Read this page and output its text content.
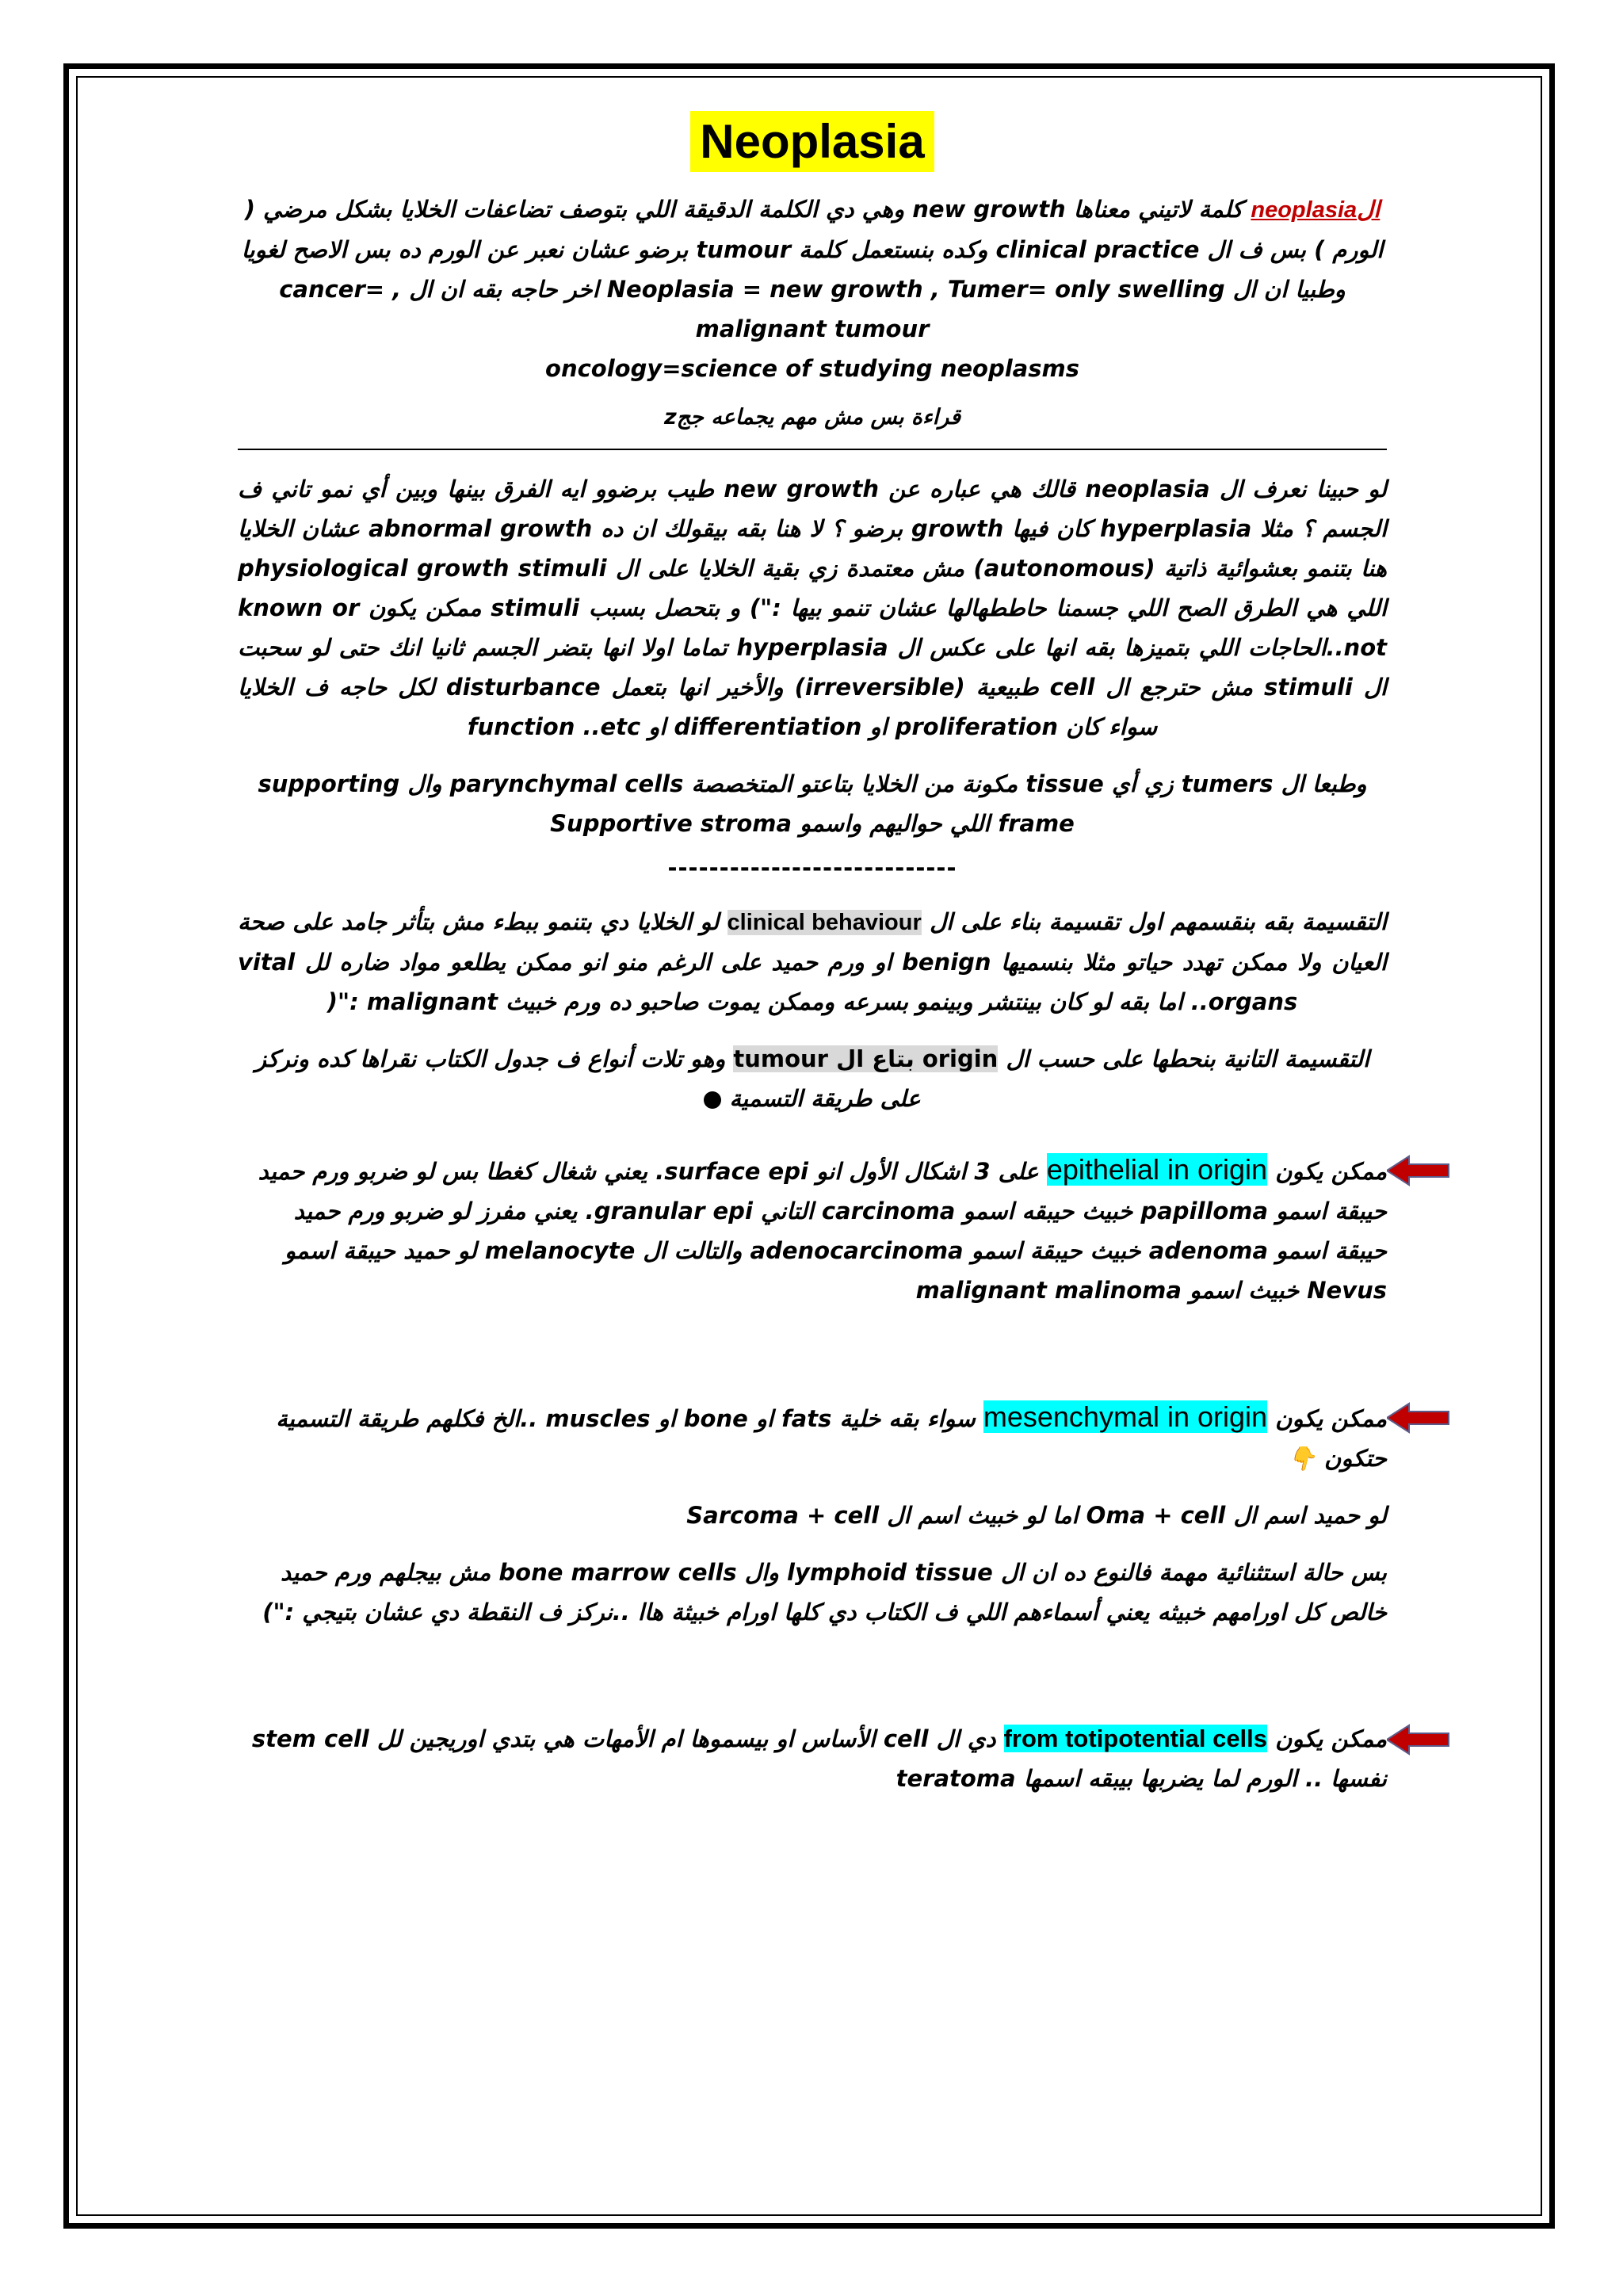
Neoplasia

الneoplasia كلمة لاتيني معناها new growth وهي دي الكلمة الدقيقة اللي بتوصف تضاعفات الخلايا بشكل مرضي ( الورم ) بس ف ال clinical practice وكده بنستعمل كلمة tumour برضو عشان نعبر عن الورم ده بس الاصح لغويا وطبيا ان ال Neoplasia = new growth , Tumer= only swelling اخر حاجه بقه ان ال , cancer= malignant tumour

oncology=science of studying neoplasms

قراءة بس مش مهم يجماعه ججz

لو حبينا نعرف ال neoplasia قالك هي عباره عن new growth طيب برضوو ايه الفرق بينها وبين أي نمو تاني ف الجسم ؟ مثلا hyperplasia كان فيها growth برضو ؟ لا هنا بقه بيقولك ان ده abnormal growth عشان الخلايا هنا بتنمو بعشوائية ذاتية (autonomous) مش معتمدة زي بقية الخلايا على ال physiological growth stimuli اللي هي الطرق الصح اللي جسمنا حاططهالها عشان تنمو بيها :") و بتحصل بسبب stimuli ممكن يكون known or not..الحاجات اللي بتميزها بقه انها على عكس ال hyperplasia تماما اولا انها بتضر الجسم ثانيا انك حتى لو سحبت ال stimuli مش حترجع ال cell طبيعية (irreversible) والأخير انها بتعمل disturbance لكل حاجه ف الخلايا سواء كان proliferation او differentiation او function ..etc

وطبعا ال tumers زي أي tissue مكونة من الخلايا بتاعتو المتخصصة parynchymal cells وال supporting frame اللي حواليهم واسمو Supportive stroma

----------------------------

التقسيمة بقه بنقسمهم اول تقسيمة بناء على ال clinical behaviour لو الخلايا دي بتنمو ببطء مش بتأثر جامد على صحة العيان ولا ممكن تهدد حياتو مثلا بنسميها benign او ورم حميد على الرغم منو انو ممكن يطلعو مواد ضاره لل vital organs.. اما بقه لو كان بينتشر وبينمو بسرعه وممكن يموت صاحبو ده ورم خبيث malignant :"(

التقسيمة التانية بنحطها على حسب ال origin بتاع ال tumour وهو تلات أنواع ف جدول الكتاب نقراها كده ونركز على طريقة التسمية

ممكن يكون epithelial in origin على 3 اشكال الأول انو surface epi. يعني شغال كغطا بس لو ضربو ورم حميد حيبقة اسمو papilloma خبيث حيبقه اسمو carcinoma التاني granular epi. يعني مفرز لو ضربو ورم حميد حيبقة اسمو adenoma خبيث حيبقة اسمو adenocarcinoma والتالت ال melanocyte لو حميد حيبقة اسمو Nevus خبيث اسمو malignant malinoma

ممكن يكون mesenchymal in origin سواء بقه خلية fats او bone او muscles ..الخ فكلهم طريقة التسمية حتكون 👇

لو حميد اسم ال Oma + cell اما لو خبيث اسم ال Sarcoma + cell

بس حالة استثنائية مهمة فالنوع ده ان ال lymphoid tissue وال bone marrow cells مش بيجلهم ورم حميد خالص كل اورامهم خبيثه يعني أسماءهم اللي ف الكتاب دي كلها اورام خبيثة هاا ..نركز ف النقطة دي عشان بتيجي :")

ممكن يكون from totipotential cells دي ال cell الأساس او بيسموها ام الأمهات هي بتدي اوريجين لل stem cell نفسها .. الورم لما يضربها بيبقه اسمها teratoma
